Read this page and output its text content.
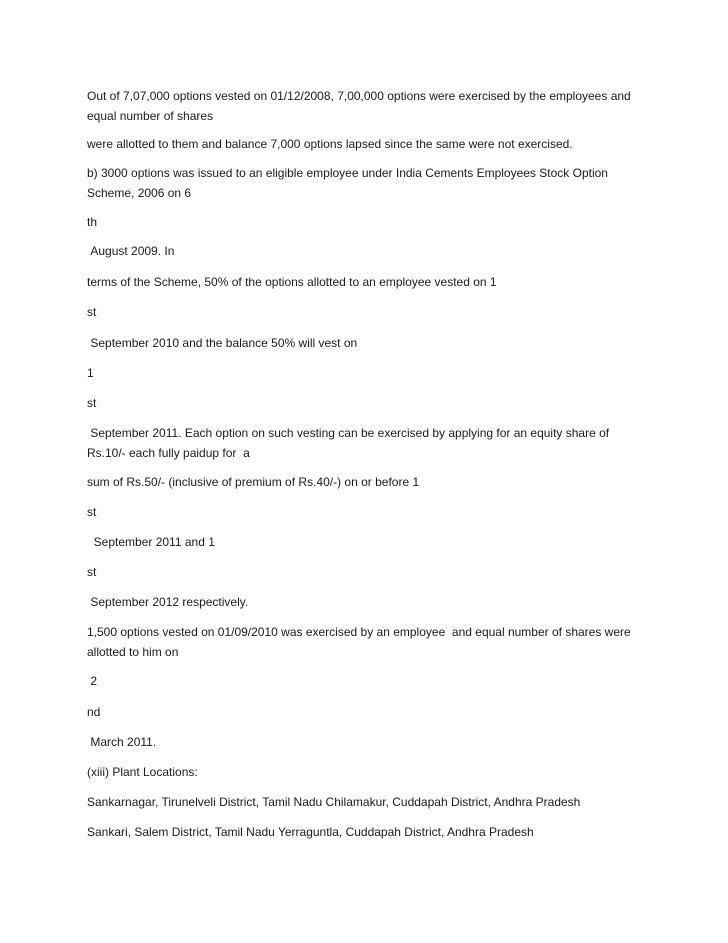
Out of 7,07,000 options vested on 01/12/2008, 7,00,000 options were exercised by the employees and equal number of shares

were allotted to them and balance 7,000 options lapsed since the same were not exercised.

b) 3000 options was issued to an eligible employee under India Cements Employees Stock Option Scheme, 2006 on 6

th

August 2009. In

terms of the Scheme, 50% of the options allotted to an employee vested on 1

st

September 2010 and the balance 50% will vest on

1

st

September 2011. Each option on such vesting can be exercised by applying for an equity share of Rs.10/- each fully paidup for  a

sum of Rs.50/- (inclusive of premium of Rs.40/-) on or before 1

st

September 2011 and 1

st

September 2012 respectively.

1,500 options vested on 01/09/2010 was exercised by an employee  and equal number of shares were allotted to him on

2

nd

March 2011.

(xiii) Plant Locations:

Sankarnagar, Tirunelveli District, Tamil Nadu Chilamakur, Cuddapah District, Andhra Pradesh

Sankari, Salem District, Tamil Nadu Yerraguntla, Cuddapah District, Andhra Pradesh
